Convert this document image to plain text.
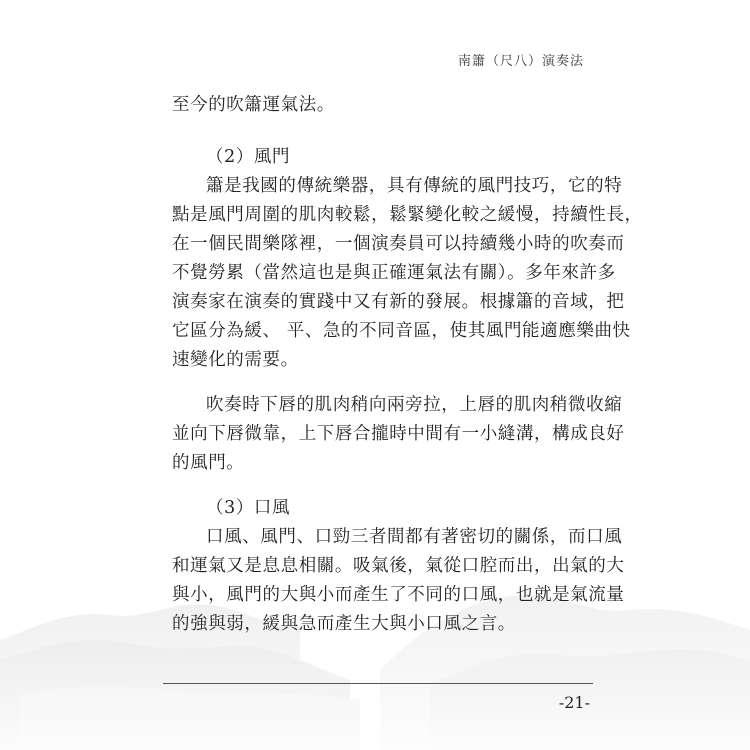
南簫（尺八）演奏法
至今的吹簫運氣法。
（2）風門
簫是我國的傳統樂器，具有傳統的風門技巧，它的特
點是風門周圍的肌肉較鬆，鬆緊變化較之緩慢，持續性長，
在一個民間樂隊裡，一個演奏員可以持續幾小時的吹奏而
不覺勞累（當然這也是與正確運氣法有關）。多年來許多
演奏家在演奏的實踐中又有新的發展。根據簫的音域，把
它區分為緩、 平、急的不同音區，使其風門能適應樂曲快
速變化的需要。
吹奏時下唇的肌肉稍向兩旁拉，上唇的肌肉稍微收縮
並向下唇微靠，上下唇合攏時中間有一小縫溝，構成良好
的風門。
（3）口風
口風、風門、口勁三者間都有著密切的關係，而口風
和運氣又是息息相關。吸氣後，氣從口腔而出，出氣的大
與小，風門的大與小而產生了不同的口風，也就是氣流量
的強與弱，緩與急而產生大與小口風之言。
-21-
